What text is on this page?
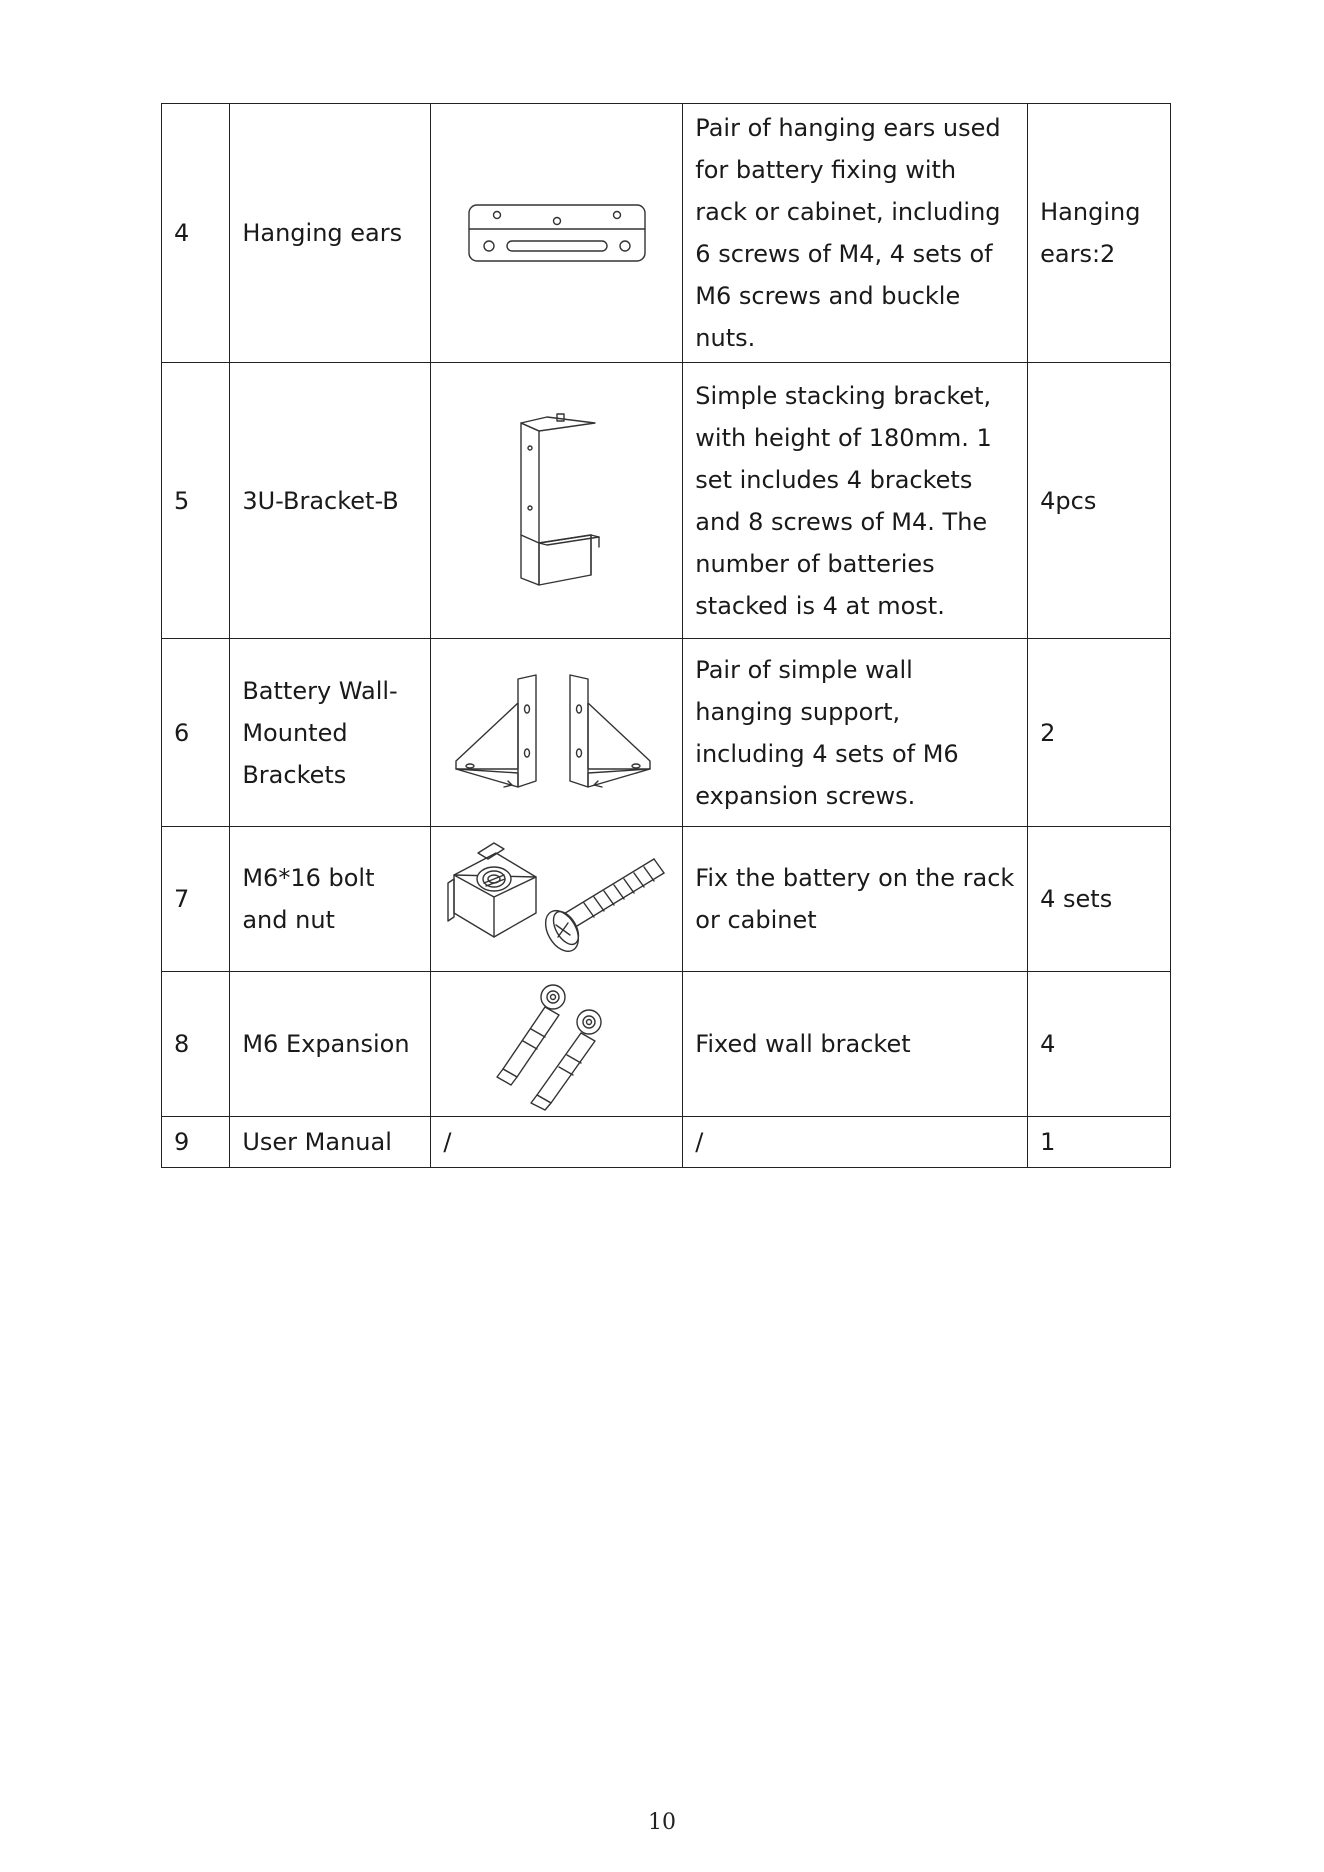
4	Hanging ears		Pair of hanging ears used for battery fixing with rack or cabinet, including 6 screws of M4, 4 sets of M6 screws and buckle nuts.	Hanging ears:2
5	3U-Bracket-B		Simple stacking bracket, with height of 180mm. 1 set includes 4 brackets and 8 screws of M4. The number of batteries stacked is 4 at most.	4pcs
6	Battery Wall-Mounted Brackets		Pair of simple wall hanging support, including 4 sets of M6 expansion screws.	2
7	M6*16 bolt and nut		Fix the battery on the rack or cabinet	4 sets
8	M6 Expansion		Fixed wall bracket	4
9	User Manual	/	/	1
10
